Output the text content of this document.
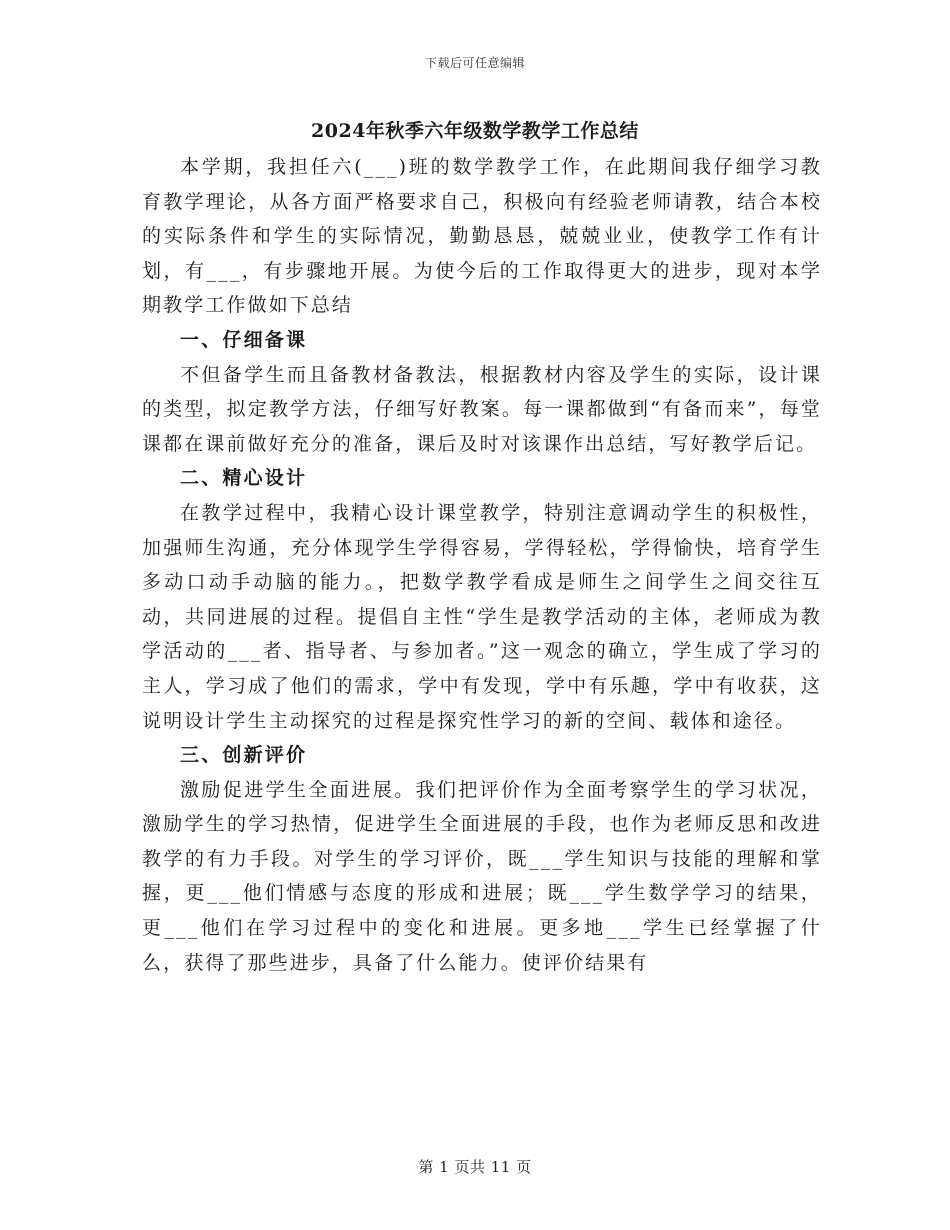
下载后可任意编辑
2024年秋季六年级数学教学工作总结

本学期，我担任六(___)班的数学教学工作，在此期间我仔细学习教育教学理论，从各方面严格要求自己，积极向有经验老师请教，结合本校的实际条件和学生的实际情况，勤勤恳恳，兢兢业业，使教学工作有计划，有___，有步骤地开展。为使今后的工作取得更大的进步，现对本学期教学工作做如下总结

一、仔细备课

不但备学生而且备教材备教法，根据教材内容及学生的实际，设计课的类型，拟定教学方法，仔细写好教案。每一课都做到“有备而来”，每堂课都在课前做好充分的准备，课后及时对该课作出总结，写好教学后记。

二、精心设计

在教学过程中，我精心设计课堂教学，特别注意调动学生的积极性，加强师生沟通，充分体现学生学得容易，学得轻松，学得愉快，培育学生多动口动手动脑的能力。，把数学教学看成是师生之间学生之间交往互动，共同进展的过程。提倡自主性“学生是教学活动的主体，老师成为教学活动的___者、指导者、与参加者。”这一观念的确立，学生成了学习的主人，学习成了他们的需求，学中有发现，学中有乐趣，学中有收获，这说明设计学生主动探究的过程是探究性学习的新的空间、载体和途径。

三、创新评价

激励促进学生全面进展。我们把评价作为全面考察学生的学习状况，激励学生的学习热情，促进学生全面进展的手段，也作为老师反思和改进教学的有力手段。对学生的学习评价，既___学生知识与技能的理解和掌握，更___他们情感与态度的形成和进展；既___学生数学学习的结果，更___他们在学习过程中的变化和进展。更多地___学生已经掌握了什么，获得了那些进步，具备了什么能力。使评价结果有

第 1 页共 11 页
